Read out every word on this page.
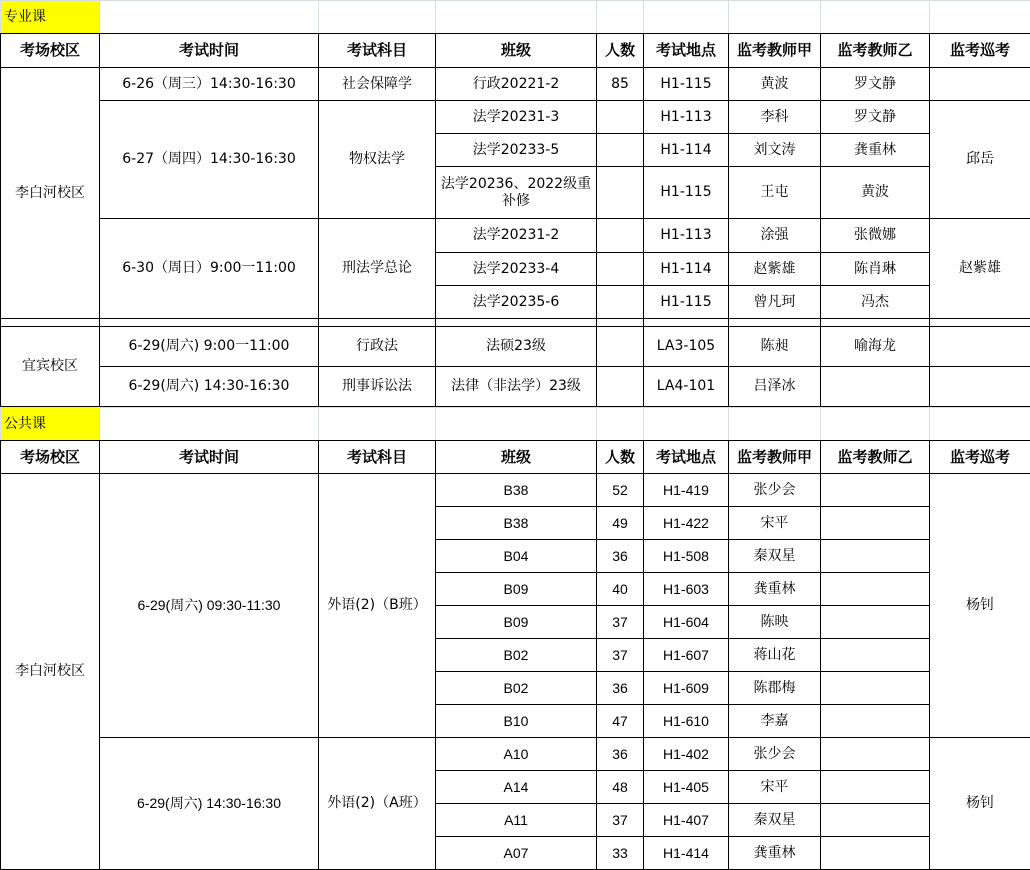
专业课								
考场校区	考试时间	考试科目	班级	人数	考试地点	监考教师甲	监考教师乙	监考巡考
李白河校区	6-26（周三）14:30-16:30	社会保障学	行政20221-2	85	H1-115	黄波	罗文静	
	6-27（周四）14:30-16:30	物权法学	法学20231-3		H1-113	李科	罗文静	邱岳
			法学20233-5		H1-114	刘文涛	龚重林	
			法学20236、2022级重补修		H1-115	王屯	黄波	
	6-30（周日）9:00一11:00	刑法学总论	法学20231-2		H1-113	涂强	张微娜	赵紫雄
			法学20233-4		H1-114	赵紫雄	陈肖琳	
			法学20235-6		H1-115	曾凡珂	冯杰	

宜宾校区	6-29(周六) 9:00一11:00	行政法	法硕23级		LA3-105	陈昶	喻海龙	
	6-29(周六) 14:30-16:30	刑事诉讼法	法律（非法学）23级		LA4-101	吕泽冰		
公共课								
考场校区	考试时间	考试科目	班级	人数	考试地点	监考教师甲	监考教师乙	监考巡考
李白河校区	6-29(周六) 09:30-11:30	外语(2)（B班）	B38	52	H1-419	张少会		杨钊
			B38	49	H1-422	宋平		
			B04	36	H1-508	秦双星		
			B09	40	H1-603	龚重林		
			B09	37	H1-604	陈映		
			B02	37	H1-607	蒋山花		
			B02	36	H1-609	陈郡梅		
			B10	47	H1-610	李嘉		
	6-29(周六) 14:30-16:30	外语(2)（A班）	A10	36	H1-402	张少会		杨钊
			A14	48	H1-405	宋平		
			A11	37	H1-407	秦双星		
			A07	33	H1-414	龚重林		
